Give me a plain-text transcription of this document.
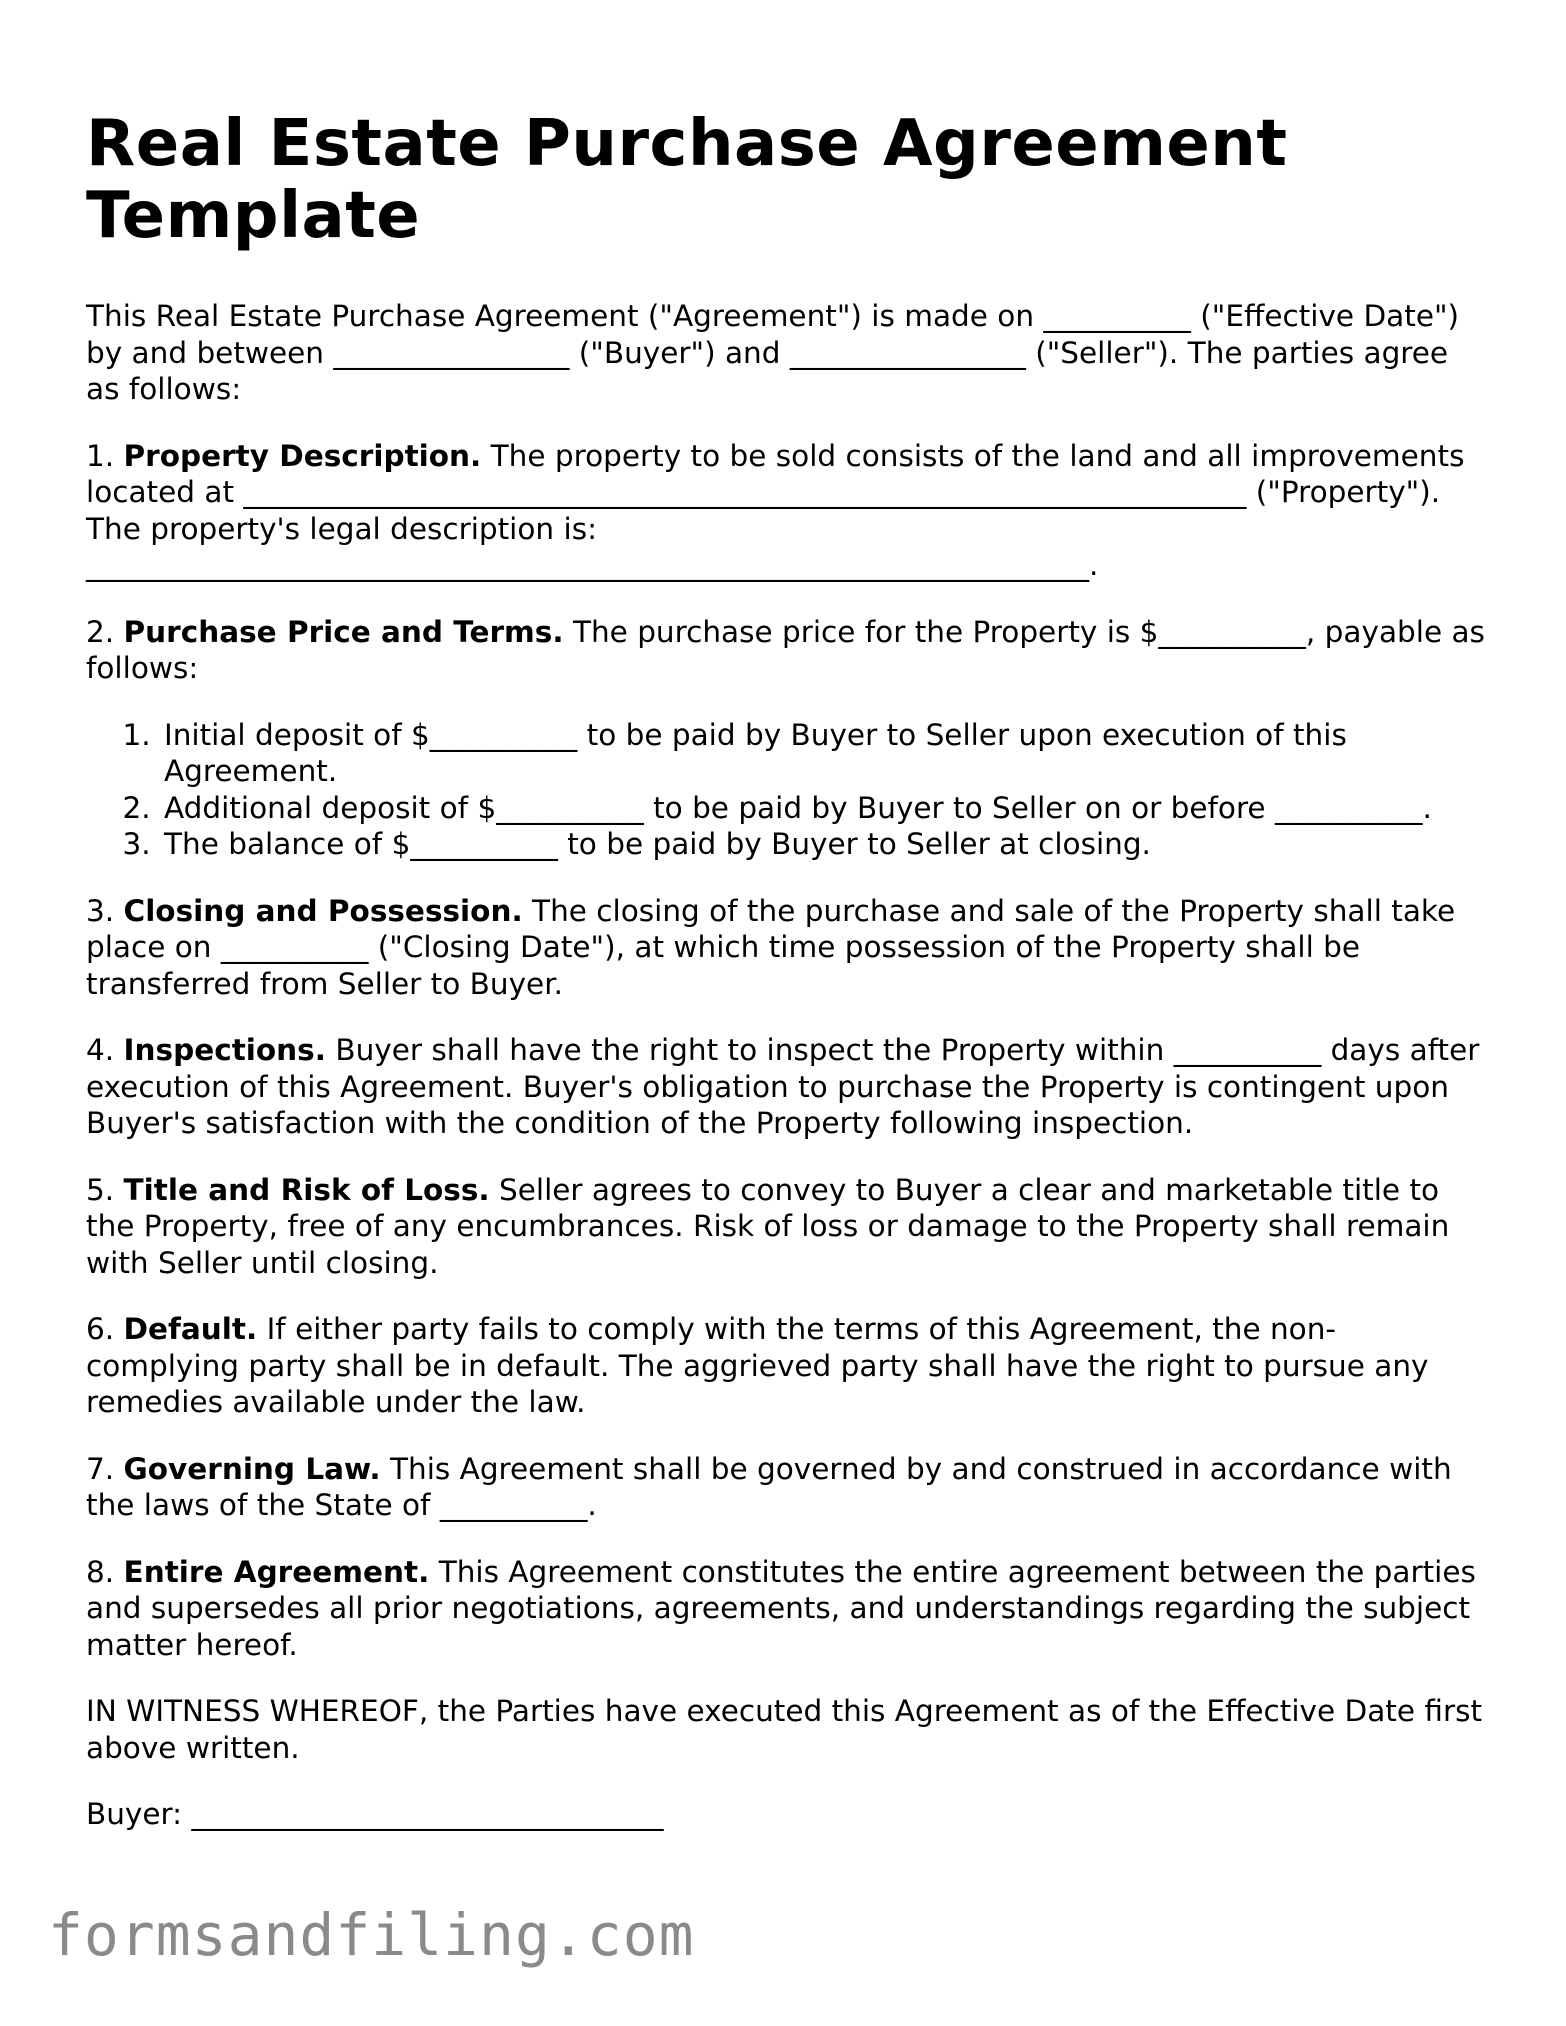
Real Estate Purchase Agreement Template

This Real Estate Purchase Agreement ("Agreement") is made on __________ ("Effective Date") by and between ________________ ("Buyer") and ________________ ("Seller"). The parties agree as follows:

1. Property Description. The property to be sold consists of the land and all improvements located at ____________________________________________________________________ ("Property"). The property's legal description is: ____________________________________________________________________.

2. Purchase Price and Terms. The purchase price for the Property is $__________, payable as follows:

1. Initial deposit of $__________ to be paid by Buyer to Seller upon execution of this Agreement.
2. Additional deposit of $__________ to be paid by Buyer to Seller on or before __________.
3. The balance of $__________ to be paid by Buyer to Seller at closing.

3. Closing and Possession. The closing of the purchase and sale of the Property shall take place on __________ ("Closing Date"), at which time possession of the Property shall be transferred from Seller to Buyer.

4. Inspections. Buyer shall have the right to inspect the Property within __________ days after execution of this Agreement. Buyer's obligation to purchase the Property is contingent upon Buyer's satisfaction with the condition of the Property following inspection.

5. Title and Risk of Loss. Seller agrees to convey to Buyer a clear and marketable title to the Property, free of any encumbrances. Risk of loss or damage to the Property shall remain with Seller until closing.

6. Default. If either party fails to comply with the terms of this Agreement, the non-complying party shall be in default. The aggrieved party shall have the right to pursue any remedies available under the law.

7. Governing Law. This Agreement shall be governed by and construed in accordance with the laws of the State of __________.

8. Entire Agreement. This Agreement constitutes the entire agreement between the parties and supersedes all prior negotiations, agreements, and understandings regarding the subject matter hereof.

IN WITNESS WHEREOF, the Parties have executed this Agreement as of the Effective Date first above written.

Buyer: ________________________________

formsandfiling.com
